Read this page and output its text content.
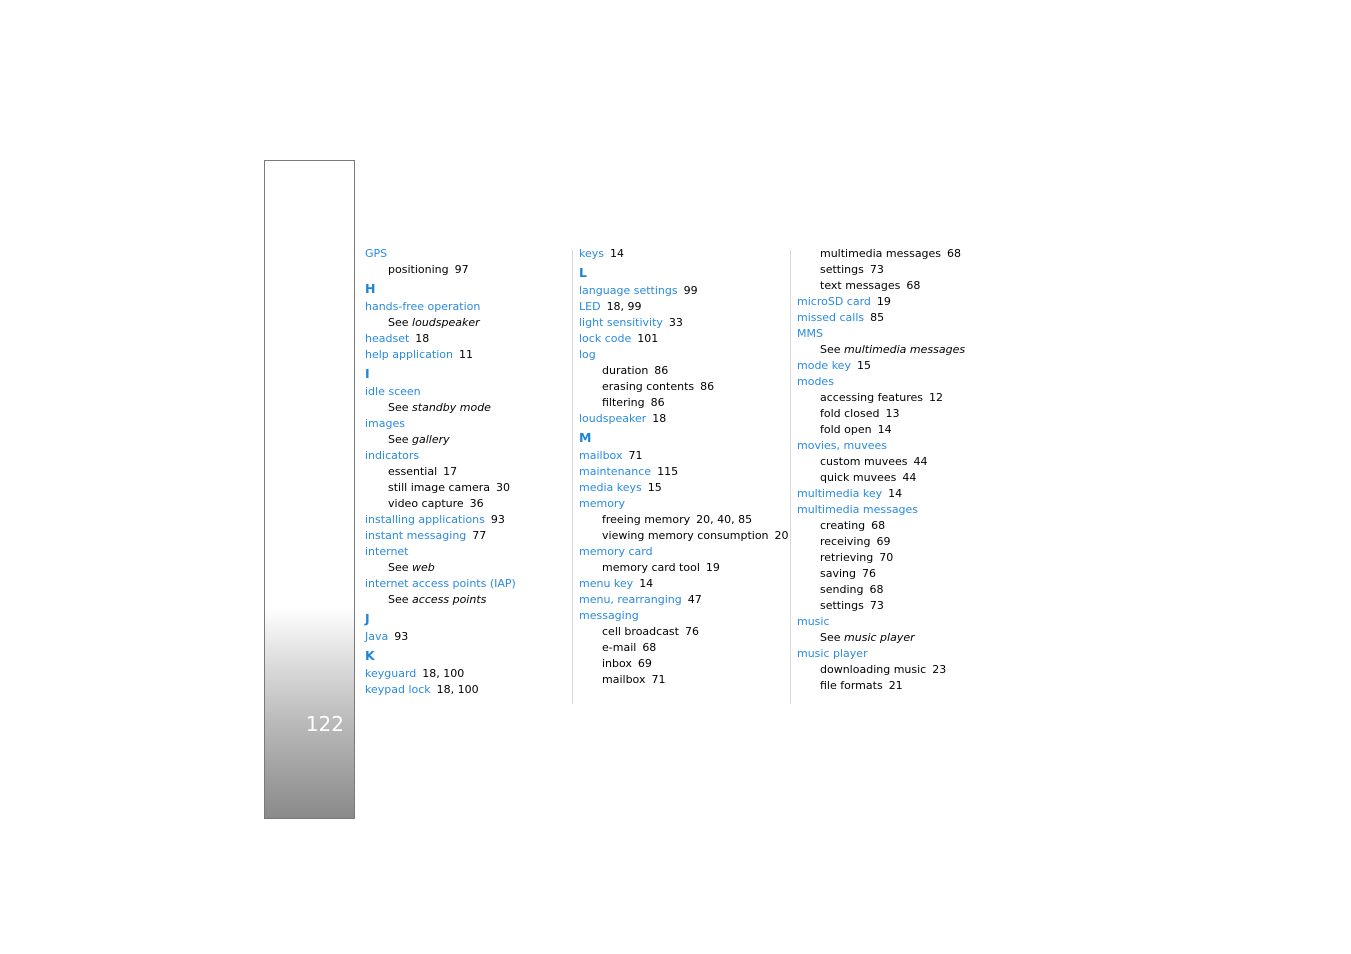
122
GPS
positioning 97
H
hands-free operation
See loudspeaker
headset 18
help application 11
I
idle sceen
See standby mode
images
See gallery
indicators
essential 17
still image camera 30
video capture 36
installing applications 93
instant messaging 77
internet
See web
internet access points (IAP)
See access points
J
Java 93
K
keyguard 18, 100
keypad lock 18, 100
keys 14
L
language settings 99
LED 18, 99
light sensitivity 33
lock code 101
log
duration 86
erasing contents 86
filtering 86
loudspeaker 18
M
mailbox 71
maintenance 115
media keys 15
memory
freeing memory 20, 40, 85
viewing memory consumption 20
memory card
memory card tool 19
menu key 14
menu, rearranging 47
messaging
cell broadcast 76
e-mail 68
inbox 69
mailbox 71
multimedia messages 68
settings 73
text messages 68
microSD card 19
missed calls 85
MMS
See multimedia messages
mode key 15
modes
accessing features 12
fold closed 13
fold open 14
movies, muvees
custom muvees 44
quick muvees 44
multimedia key 14
multimedia messages
creating 68
receiving 69
retrieving 70
saving 76
sending 68
settings 73
music
See music player
music player
downloading music 23
file formats 21
